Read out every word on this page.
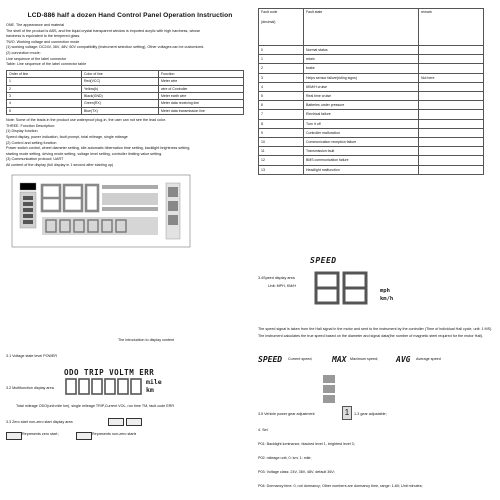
LCD-886 half a dozen Hand Control Panel Operation Instruction
ONE. The appearance and material
The shell of the product is ABS, and the liquid crystal transparent window is imported acrylic with high hardness, whose
hardness is equivalent to the tempered glass.
TWO. Working voltage and connection mode
(1) working voltage: DC24V, 36V, 48V, 60V compatibility (instrument selection setting), Other voltages can be customized.
(2) connection mode:
Line sequence of the label connector
Table: Line sequence of the label connector table
Order of line	Color of line	Function
1	Red(VCC)	Meter wire
2	Yellow(k)	wire of Controller
3	Black(GND)	Meter earth wire
4	Green(RX)	Meter data receiving line
5	Blue(TX)	Meter data transmission line
Note: Some of the leads in the product use waterproof plug-in, the user can not see the lead color.
THREE. Function Description:
(1) Display function
Speed display, power indication, fault prompt, total mileage, single mileage
(2) Control and setting function
Power switch control, wheel diameter setting, idle automatic hibernation time setting, backlight brightness setting,
starting mode setting, driving mode setting, voltage level setting, controller limiting value setting.
(3) Communication protocol: UART
All content of the display (full display in 1 second after starting up)
The introduction to display content
3.1 Voltage state level POWER
ODO TRIP VOLTM ERR
mile
km
3.2 Multifunction display area
Total mileage ODO(unit:mile km), single mileage TRIP,Current VOL, run time TM, fault code ERR
3.3 Zero start non-zero start display area
Represents zero start；	Represents non-zero starts
Fault code
(decimal)	Fault state	remark
0	Normal status	
1	retain	
2	brake	
3	Helps sensor failure(riding signs)	Not here
4	6KM/H cruise	
5	Real time cruise	
6	Batteries under pressure	
7	Electrical failure	
8	Turn it off	
9	Controller malfunction	
10	Communication reception failure	
11	Transmission fault	
12	BMS communication failure	
13	Headlight malfunction	
SPEED
mph
km/h
3.4Speed display area
Unit: MPH, KM/H
The speed signal is taken from the Hall signal in the motor and sent to the instrument by the controller (Time of individual Hall cycle, unit: 1 MS) The instrument calculates the true speed based on the diameter and signal data(the number of magnetic steel required for the motor Hall).
SPEED Current speed; MAX Maximum speed; AVG Average speed
3.5 Vehicle power gear adjustment	1	1-3 gear adjustable;
4. Set
P01: Backlight luminance, blacked level 1, brightest level 3;
P02: mileage unit, 0: km; 1: mile;
P03: Voltage class: 24V, 36V, 48V, default 36V;
P04: Dormancy time: 0, not dormancy; Other numbers are dormancy time, range: 1-60; Unit minutes;
